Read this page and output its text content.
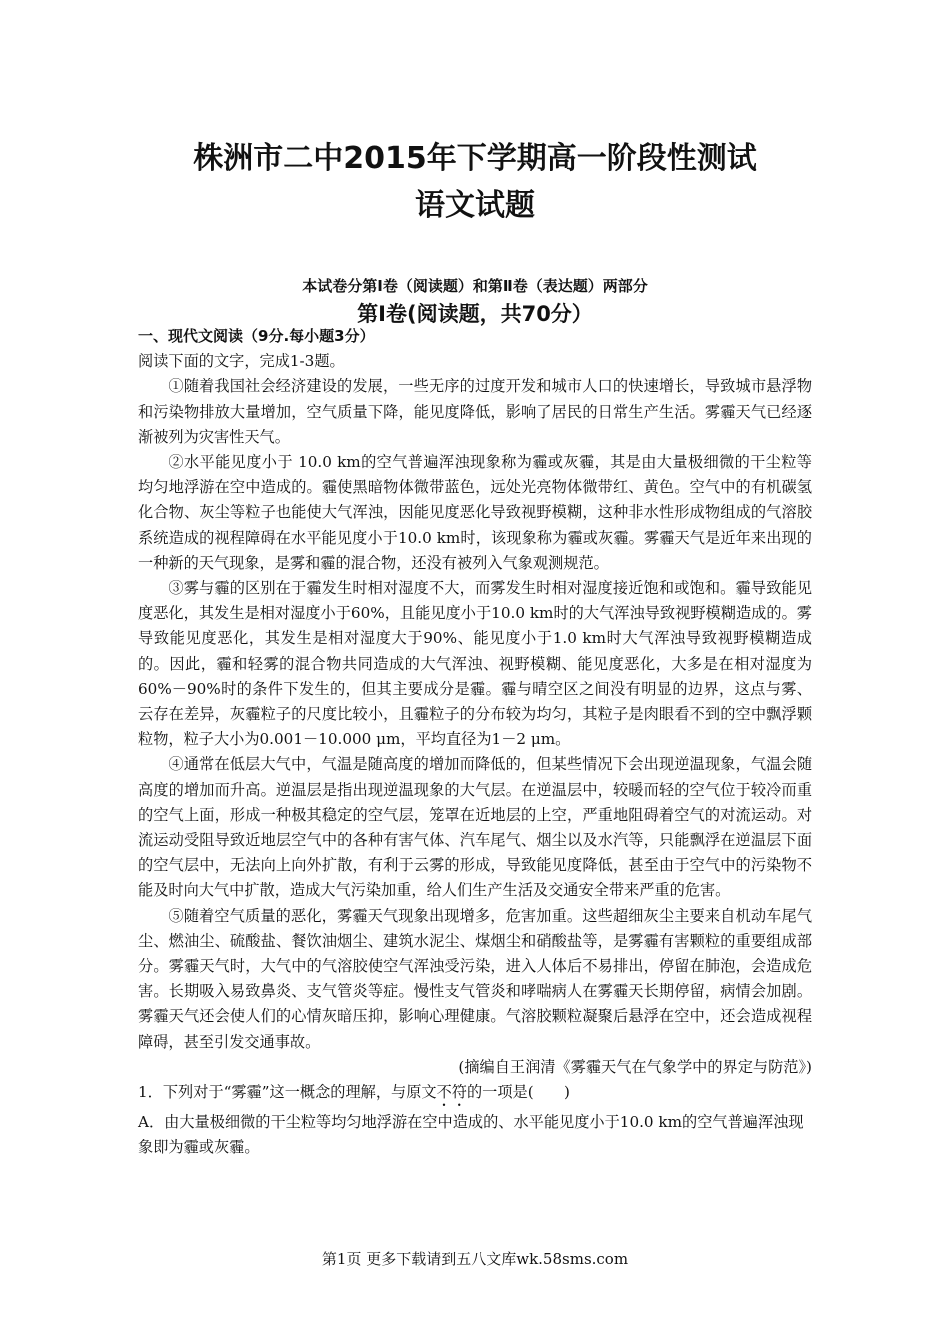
株洲市二中2015年下学期高一阶段性测试
语文试题
本试卷分第Ⅰ卷（阅读题）和第Ⅱ卷（表达题）两部分
第Ⅰ卷(阅读题，共70分）
一、现代文阅读（9分.每小题3分）
阅读下面的文字，完成1-3题。
①随着我国社会经济建设的发展，一些无序的过度开发和城市人口的快速增长，导致城市悬浮物和污染物排放大量增加，空气质量下降，能见度降低，影响了居民的日常生产生活。雾霾天气已经逐渐被列为灾害性天气。
②水平能见度小于 10.0 km的空气普遍浑浊现象称为霾或灰霾，其是由大量极细微的干尘粒等均匀地浮游在空中造成的。霾使黑暗物体微带蓝色，远处光亮物体微带红、黄色。空气中的有机碳氢化合物、灰尘等粒子也能使大气浑浊，因能见度恶化导致视野模糊，这种非水性形成物组成的气溶胶系统造成的视程障碍在水平能见度小于10.0 km时，该现象称为霾或灰霾。雾霾天气是近年来出现的一种新的天气现象，是雾和霾的混合物，还没有被列入气象观测规范。
③雾与霾的区别在于霾发生时相对湿度不大，而雾发生时相对湿度接近饱和或饱和。霾导致能见度恶化，其发生是相对湿度小于60%，且能见度小于10.0 km时的大气浑浊导致视野模糊造成的。雾导致能见度恶化，其发生是相对湿度大于90%、能见度小于1.0 km时大气浑浊导致视野模糊造成的。因此，霾和轻雾的混合物共同造成的大气浑浊、视野模糊、能见度恶化，大多是在相对湿度为60%－90%时的条件下发生的，但其主要成分是霾。霾与晴空区之间没有明显的边界，这点与雾、云存在差异，灰霾粒子的尺度比较小，且霾粒子的分布较为均匀，其粒子是肉眼看不到的空中飘浮颗粒物，粒子大小为0.001－10.000 μm，平均直径为1－2 μm。
④通常在低层大气中，气温是随高度的增加而降低的，但某些情况下会出现逆温现象，气温会随高度的增加而升高。逆温层是指出现逆温现象的大气层。在逆温层中，较暖而轻的空气位于较冷而重的空气上面，形成一种极其稳定的空气层，笼罩在近地层的上空，严重地阻碍着空气的对流运动。对流运动受阻导致近地层空气中的各种有害气体、汽车尾气、烟尘以及水汽等，只能飘浮在逆温层下面的空气层中，无法向上向外扩散，有利于云雾的形成，导致能见度降低，甚至由于空气中的污染物不能及时向大气中扩散，造成大气污染加重，给人们生产生活及交通安全带来严重的危害。
⑤随着空气质量的恶化，雾霾天气现象出现增多，危害加重。这些超细灰尘主要来自机动车尾气尘、燃油尘、硫酸盐、餐饮油烟尘、建筑水泥尘、煤烟尘和硝酸盐等，是雾霾有害颗粒的重要组成部分。雾霾天气时，大气中的气溶胶使空气浑浊受污染，进入人体后不易排出，停留在肺泡，会造成危害。长期吸入易致鼻炎、支气管炎等症。慢性支气管炎和哮喘病人在雾霾天长期停留，病情会加剧。雾霾天气还会使人们的心情灰暗压抑，影响心理健康。气溶胶颗粒凝聚后悬浮在空中，还会造成视程障碍，甚至引发交通事故。
(摘编自王润清《雾霾天气在气象学中的界定与防范》)
1．下列对于“雾霾”这一概念的理解，与原文不符的一项是(　　)
A．由大量极细微的干尘粒等均匀地浮游在空中造成的、水平能见度小于10.0 km的空气普遍浑浊现象即为霾或灰霾。
第1页 更多下载请到五八文库wk.58sms.com
